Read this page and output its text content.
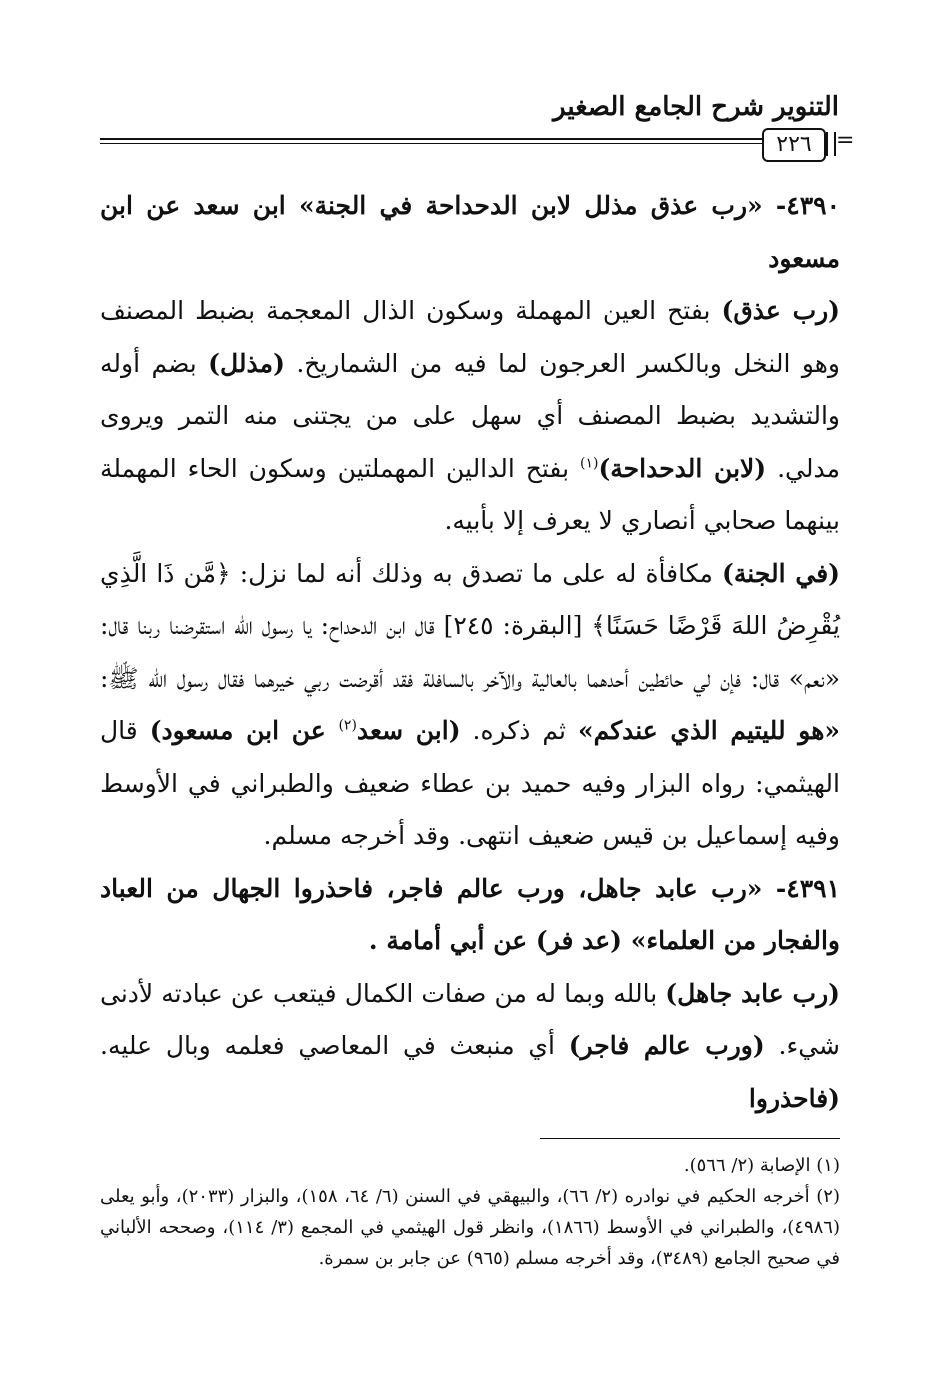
التنوير شرح الجامع الصغير
٢٢٦	=

٤٣٩٠- «رب عذق مذلل لابن الدحداحة في الجنة» ابن سعد عن ابن مسعود

(رب عذق) بفتح العين المهملة وسكون الذال المعجمة بضبط المصنف وهو النخل وبالكسر العرجون لما فيه من الشماريخ. (مذلل) بضم أوله والتشديد بضبط المصنف أي سهل على من يجتنى منه التمر ويروى مدلي. (لابن الدحداحة)$^{(١)}$ بفتح الدالين المهملتين وسكون الحاء المهملة بينهما صحابي أنصاري لا يعرف إلا بأبيه.

(في الجنة) مكافأة له على ما تصدق به وذلك أنه لما نزل: ﴿مَّن ذَا الَّذِي يُقْرِضُ اللهَ قَرْضًا حَسَنًا﴾ [البقرة: ٢٤٥] قال ابن الدحداح: يا رسول الله استقرضنا ربنا قال: «نعم» قال: فإن لي حائطين أحدهما بالعالية والآخر بالسافلة فقد أقرضت ربي خيرهما فقال رسول الله ﷺ: «هو لليتيم الذي عندكم» ثم ذكره. (ابن سعد$^{(٢)}$ عن ابن مسعود) قال الهيثمي: رواه البزار وفيه حميد بن عطاء ضعيف والطبراني في الأوسط وفيه إسماعيل بن قيس ضعيف انتهى. وقد أخرجه مسلم.

٤٣٩١- «رب عابد جاهل، ورب عالم فاجر، فاحذروا الجهال من العباد والفجار من العلماء» (عد فر) عن أبي أمامة .

(رب عابد جاهل) بالله وبما له من صفات الكمال فيتعب عن عبادته لأدنى شيء. (ورب عالم فاجر) أي منبعث في المعاصي فعلمه وبال عليه. (فاحذروا

(١) الإصابة (٢/ ٥٦٦).

(٢) أخرجه الحكيم في نوادره (٢/ ٦٦)، والبيهقي في السنن (٦/ ٦٤، ١٥٨)، والبزار (٢٠٣٣)، وأبو يعلى (٤٩٨٦)، والطبراني في الأوسط (١٨٦٦)، وانظر قول الهيثمي في المجمع (٣/ ١١٤)، وصححه الألباني في صحيح الجامع (٣٤٨٩)، وقد أخرجه مسلم (٩٦٥) عن جابر بن سمرة.
